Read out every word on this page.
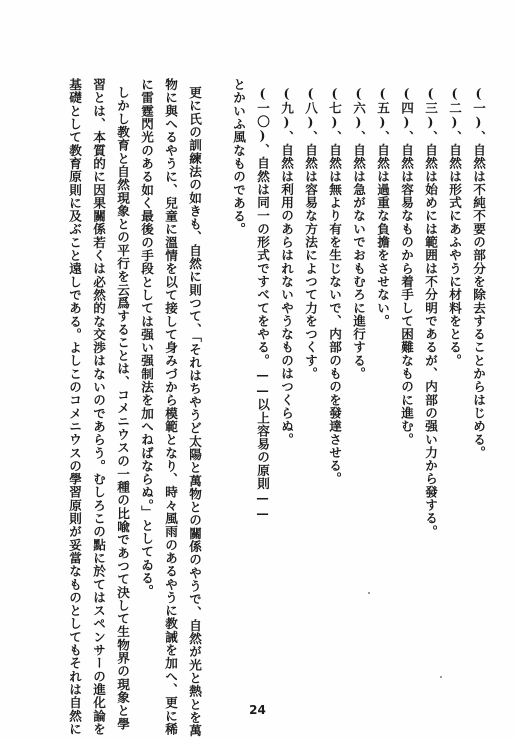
(一)、自然は不純不要の部分を除去することからはじめる。
(二)、自然は形式にあふやうに材料をとる。
(三)、自然は始めには範囲は不分明であるが、内部の强い力から發する。
(四)、自然は容易なものから着手して困難なものに進む。
(五)、自然は過重な負擔をさせない。
(六)、自然は急がないでおもむろに進行する。
(七)、自然は無より有を生じないで、内部のものを發達させる。
(八)、自然は容易な方法によつて力をつくす。
(九)、自然は利用のあらはれないやうなものはつくらぬ。
(一〇)、自然は同一の形式ですべてをやる。——以上容易の原則——
とかいふ風なものである。
更に氏の訓練法の如きも、自然に則つて、「それはちやうど太陽と萬物との關係のやうで、自然が光と熱とを萬
物に與へるやうに、兒童に溫情を以て接して身みづから模範となり、時々風雨のあるやうに教誡を加へ、更に稀
に雷霆閃光のある如く最後の手段としては强い强制法を加へねばならぬ。」としてゐる。
しかし教育と自然現象との平行を云爲することは、コメニウスの一種の比喩であつて決して生物界の現象と學
習とは、本質的に因果關係若くは必然的な交渉はないのであらう。むしろこの點に於てはスペンサーの進化論を
基礎として教育原則に及ぶこと遠しである。よしこのコメニウスの學習原則が妥當なものとしてもそれは自然に	24
